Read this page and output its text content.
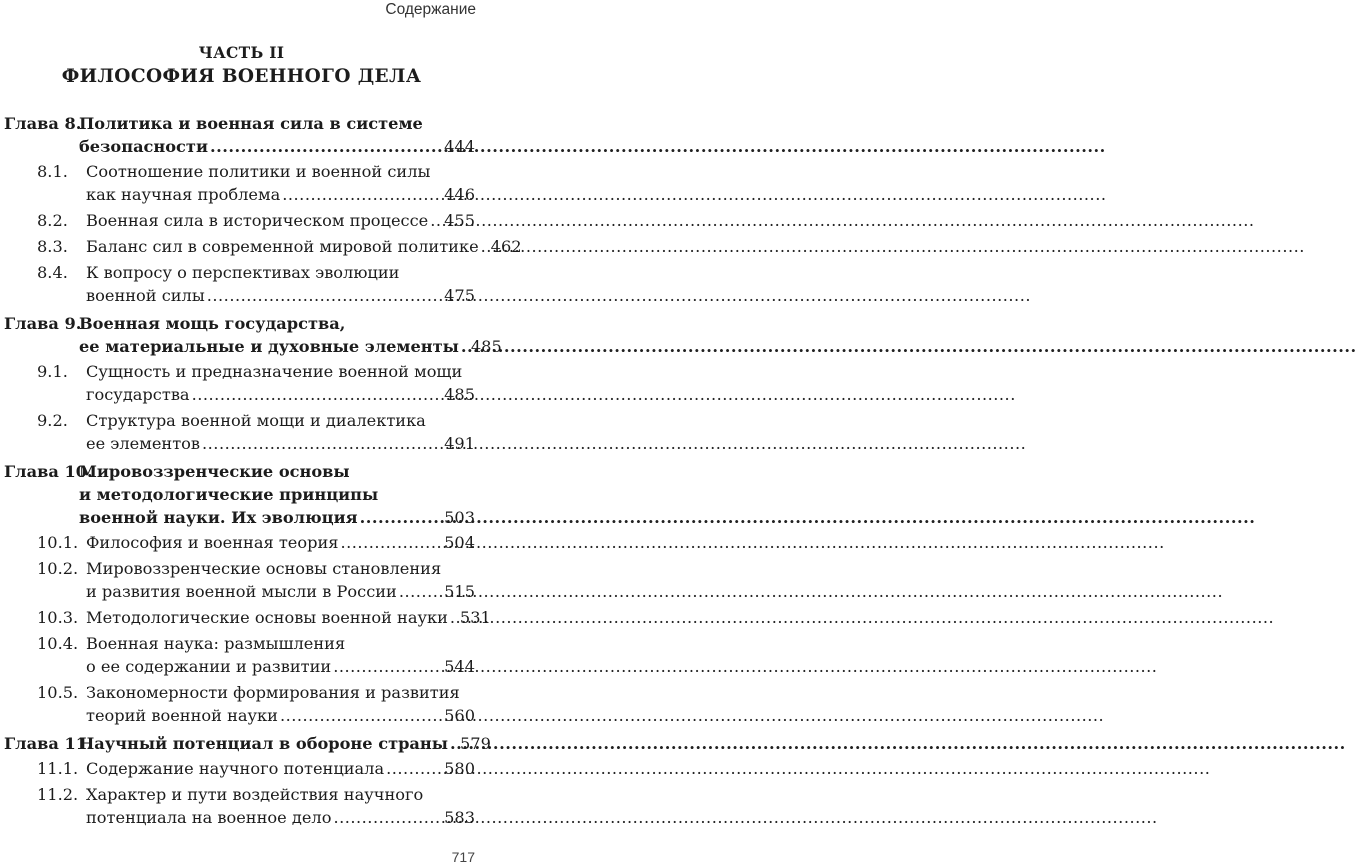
Содержание
ЧАСТЬ II
ФИЛОСОФИЯ ВОЕННОГО ДЕЛА
Глава 8.
Политика и военная сила в системе
безопасности .....	444
8.1.	Соотношение политики и военной силы
как научная проблема .....	446
8.2.	Военная сила в историческом процессе ..... 455
8.3.	Баланс сил в современной мировой политике ..... 462
8.4.	К вопросу о перспективах эволюции
военной силы .....	475
Глава 9.
Военная мощь государства,
ее материальные и духовные элементы ..... 485
9.1.	Сущность и предназначение военной мощи
государства .....	485
9.2.	Структура военной мощи и диалектика
ее элементов .....	491
Глава 10.
Мировоззренческие основы
и методологические принципы
военной науки. Их эволюция .....	503
10.1. Философия и военная теория .....	504
10.2. Мировоззренческие основы становления
и развития военной мысли в России .....	515
10.3. Методологические основы военной науки ..... 531
10.4. Военная наука: размышления
о ее содержании и развитии .....	544
10.5. Закономерности формирования и развития
теорий военной науки .....	560
Глава 11.
Научный потенциал в обороне страны ..... 579
11.1. Содержание научного потенциала .....	580
11.2. Характер и пути воздействия научного
потенциала на военное дело .....	583
717
